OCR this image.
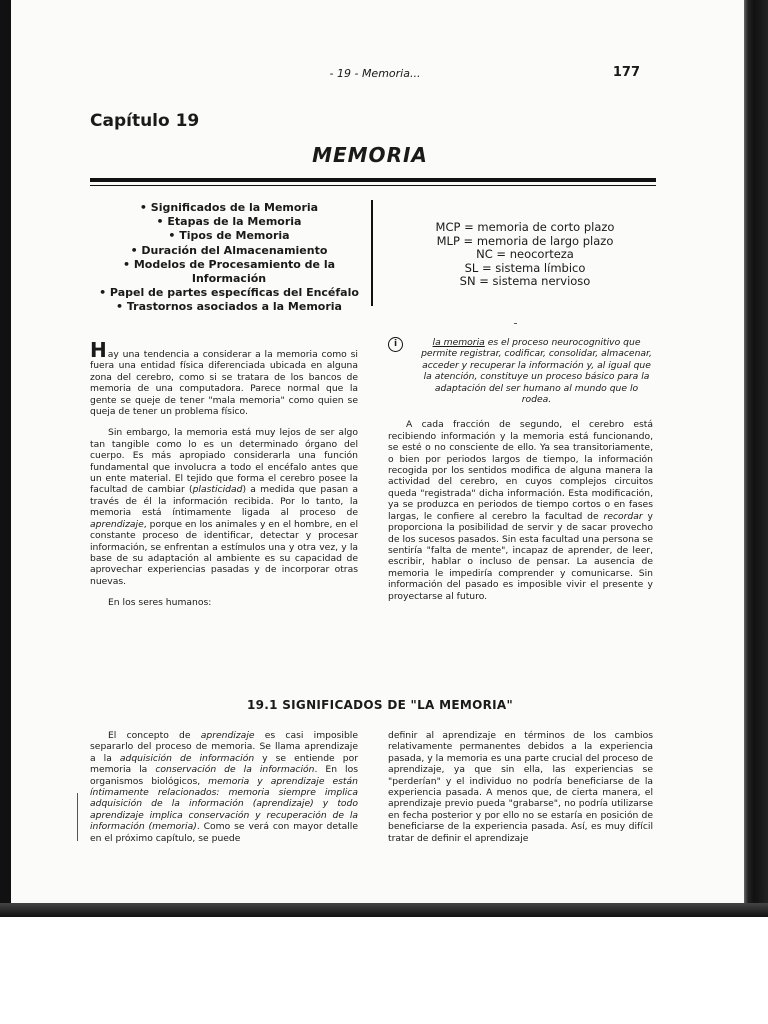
- 19 - Memoria...	177
Capítulo 19
MEMORIA

• Significados de la Memoria

• Etapas de la Memoria

• Tipos de Memoria

• Duración del Almacenamiento

• Modelos de Procesamiento de la Información

• Papel de partes específicas del Encéfalo

• Trastornos asociados a la Memoria

MCP = memoria de corto plazo

MLP = memoria de largo plazo

NC = neocorteza

SL = sistema límbico

SN = sistema nervioso

Hay una tendencia a considerar a la memoria como si fuera una entidad física diferenciada ubicada en alguna zona del cerebro, como si se tratara de los bancos de memoria de una computadora. Parece normal que la gente se queje de tener "mala memoria" como quien se queja de tener un problema físico.

Sin embargo, la memoria está muy lejos de ser algo tan tangible como lo es un determinado órgano del cuerpo. Es más apropiado considerarla una función fundamental que involucra a todo el encéfalo antes que un ente material. El tejido que forma el cerebro posee la facultad de cambiar (plasticidad) a medida que pasan a través de él la información recibida. Por lo tanto, la memoria está íntimamente ligada al proceso de aprendizaje, porque en los animales y en el hombre, en el constante proceso de identificar, detectar y procesar información, se enfrentan a estímulos una y otra vez, y la base de su adaptación al ambiente es su capacidad de aprovechar experiencias pasadas y de incorporar otras nuevas.

En los seres humanos:

i	la memoria es el proceso neurocognitivo que permite registrar, codificar, consolidar, almacenar, acceder y recuperar la información y, al igual que la atención, constituye un proceso básico para la adaptación del ser humano al mundo que lo rodea.

A cada fracción de segundo, el cerebro está recibiendo información y la memoria está funcionando, se esté o no consciente de ello. Ya sea transitoriamente, o bien por periodos largos de tiempo, la información recogida por los sentidos modifica de alguna manera la actividad del cerebro, en cuyos complejos circuitos queda "registrada" dicha información. Esta modificación, ya se produzca en periodos de tiempo cortos o en fases largas, le confiere al cerebro la facultad de recordar y proporciona la posibilidad de servir y de sacar provecho de los sucesos pasados. Sin esta facultad una persona se sentiría "falta de mente", incapaz de aprender, de leer, escribir, hablar o incluso de pensar. La ausencia de memoria le impediría comprender y comunicarse. Sin información del pasado es imposible vivir el presente y proyectarse al futuro.

19.1 SIGNIFICADOS DE "LA MEMORIA"

El concepto de aprendizaje es casi imposible separarlo del proceso de memoria. Se llama aprendizaje a la adquisición de información y se entiende por memoria la conservación de la información. En los organismos biológicos, memoria y aprendizaje están íntimamente relacionados: memoria siempre implica adquisición de la información (aprendizaje) y todo aprendizaje implica conservación y recuperación de la información (memoria). Como se verá con mayor detalle en el próximo capítulo, se puede

definir al aprendizaje en términos de los cambios relativamente permanentes debidos a la experiencia pasada, y la memoria es una parte crucial del proceso de aprendizaje, ya que sin ella, las experiencias se "perderían" y el individuo no podría beneficiarse de la experiencia pasada. A menos que, de cierta manera, el aprendizaje previo pueda "grabarse", no podría utilizarse en fecha posterior y por ello no se estaría en posición de beneficiarse de la experiencia pasada. Así, es muy difícil tratar de definir el aprendizaje
